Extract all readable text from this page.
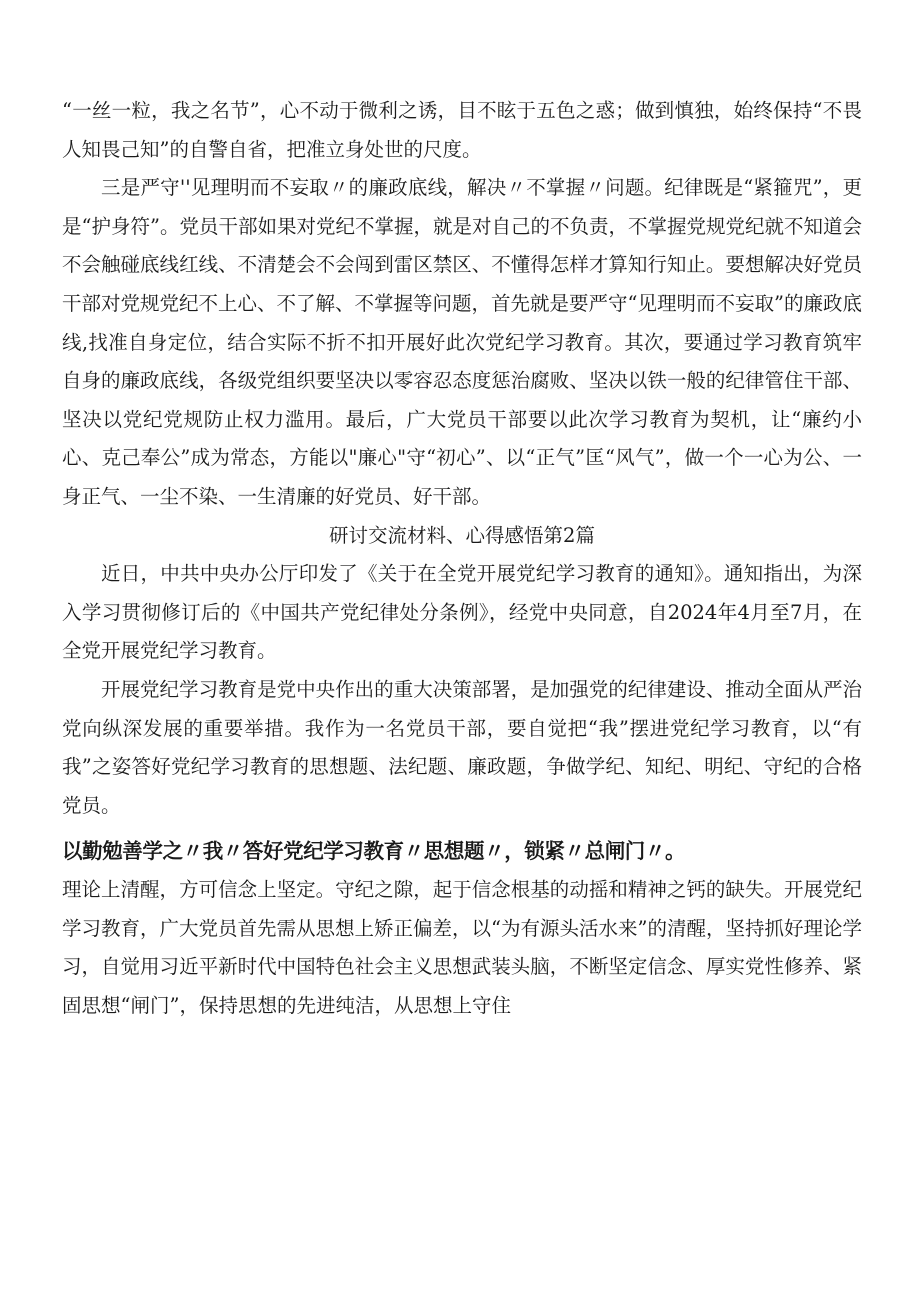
“一丝一粒，我之名节”，心不动于微利之诱，目不眩于五色之惑；做到慎独，始终保持“不畏人知畏己知”的自警自省，把准立身处世的尺度。

三是严守''见理明而不妄取〃的廉政底线，解决〃不掌握〃问题。纪律既是“紧箍咒”，更是“护身符”。党员干部如果对党纪不掌握，就是对自己的不负责，不掌握党规党纪就不知道会不会触碰底线红线、不清楚会不会闯到雷区禁区、不懂得怎样才算知行知止。要想解决好党员干部对党规党纪不上心、不了解、不掌握等问题，首先就是要严守“见理明而不妄取”的廉政底线,找准自身定位，结合实际不折不扣开展好此次党纪学习教育。其次，要通过学习教育筑牢自身的廉政底线，各级党组织要坚决以零容忍态度惩治腐败、坚决以铁一般的纪律管住干部、坚决以党纪党规防止权力滥用。最后，广大党员干部要以此次学习教育为契机，让“廉约小心、克己奉公”成为常态，方能以"廉心"守“初心”、以“正气”匡“风气”，做一个一心为公、一身正气、一尘不染、一生清廉的好党员、好干部。

研讨交流材料、心得感悟第2篇

近日，中共中央办公厅印发了《关于在全党开展党纪学习教育的通知》。通知指出，为深入学习贯彻修订后的《中国共产党纪律处分条例》，经党中央同意，自2024年4月至7月，在全党开展党纪学习教育。

开展党纪学习教育是党中央作出的重大决策部署，是加强党的纪律建设、推动全面从严治党向纵深发展的重要举措。我作为一名党员干部，要自觉把“我”摆进党纪学习教育，以“有我”之姿答好党纪学习教育的思想题、法纪题、廉政题，争做学纪、知纪、明纪、守纪的合格党员。

以勤勉善学之〃我〃答好党纪学习教育〃思想题〃，锁紧〃总闸门〃。

理论上清醒，方可信念上坚定。守纪之隙，起于信念根基的动摇和精神之钙的缺失。开展党纪学习教育，广大党员首先需从思想上矫正偏差，以“为有源头活水来”的清醒，坚持抓好理论学习，自觉用习近平新时代中国特色社会主义思想武装头脑，不断坚定信念、厚实党性修养、紧固思想“闸门”，保持思想的先进纯洁，从思想上守住
